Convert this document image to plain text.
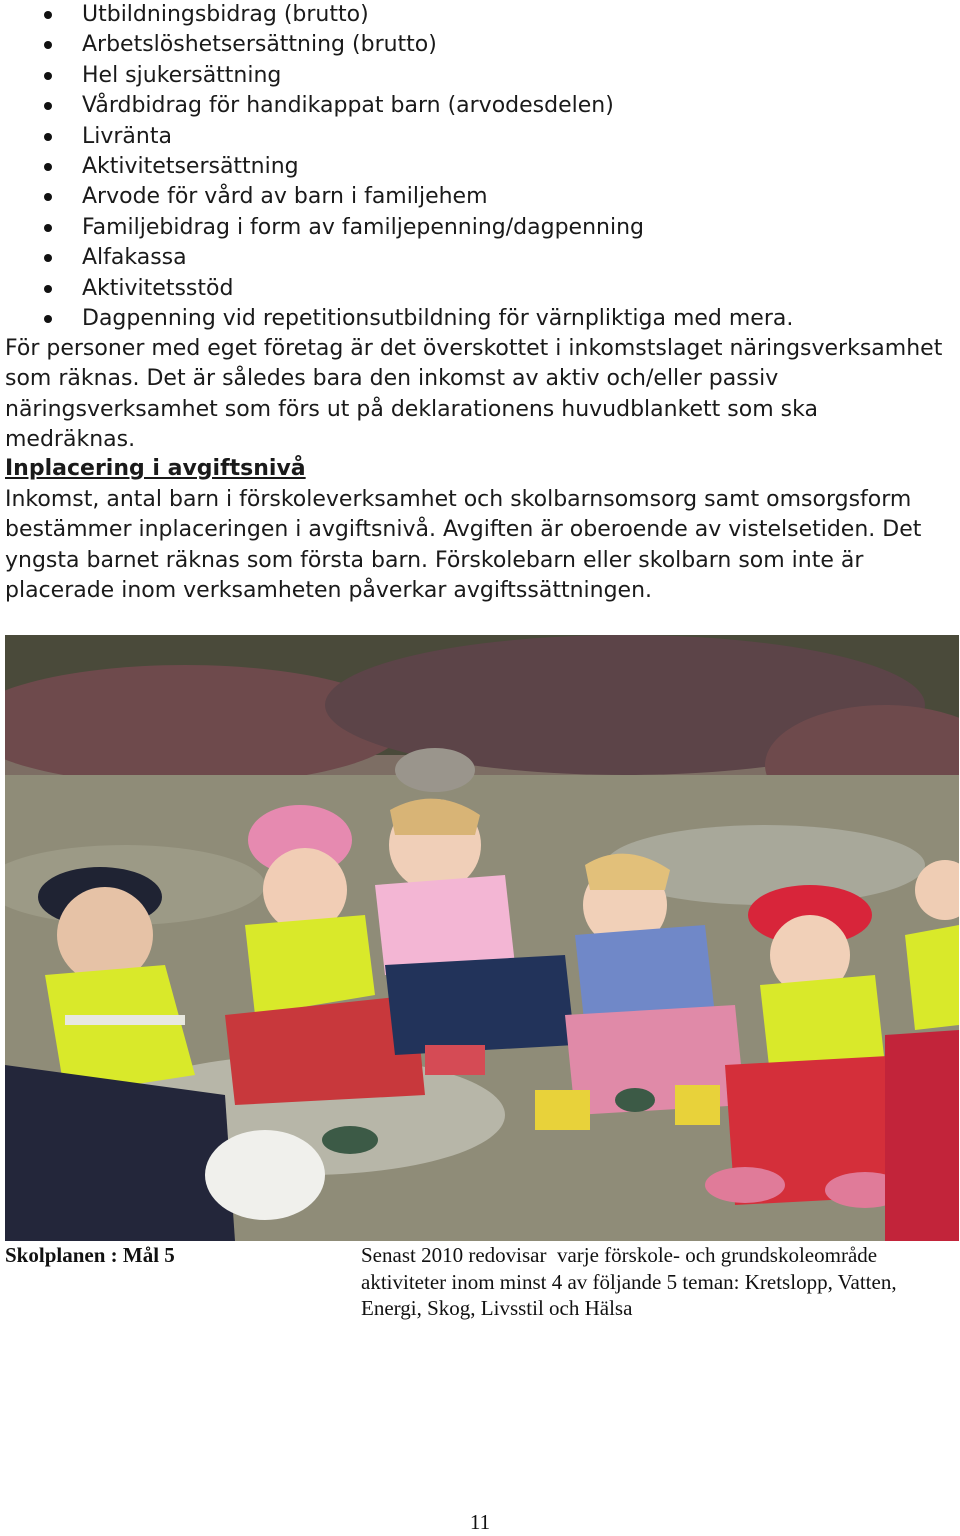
Utbildningsbidrag (brutto)
Arbetslöshetsersättning (brutto)
Hel sjukersättning
Vårdbidrag för handikappat barn (arvodesdelen)
Livränta
Aktivitetsersättning
Arvode för vård av barn i familjehem
Familjebidrag i form av familjepenning/dagpenning
Alfakassa
Aktivitetsstöd
Dagpenning vid repetitionsutbildning för värnpliktiga med mera.
För personer med eget företag är det överskottet i inkomstslaget näringsverksamhet
som räknas. Det är således bara den inkomst av aktiv och/eller passiv
näringsverksamhet som förs ut på deklarationens huvudblankett som ska medräknas.
Inplacering i avgiftsnivå
Inkomst, antal barn i förskoleverksamhet och skolbarnsomsorg samt omsorgsform
bestämmer inplaceringen i avgiftsnivå. Avgiften är oberoende av vistelsetiden. Det
yngsta barnet räknas som första barn. Förskolebarn eller skolbarn som inte är
placerade inom verksamheten påverkar avgiftssättningen.

Skolplanen : Mål 5	Senast 2010 redovisar  varje förskole- och grundskoleområde
aktiviteter inom minst 4 av följande 5 teman: Kretslopp, Vatten,
Energi, Skog, Livsstil och Hälsa

11
